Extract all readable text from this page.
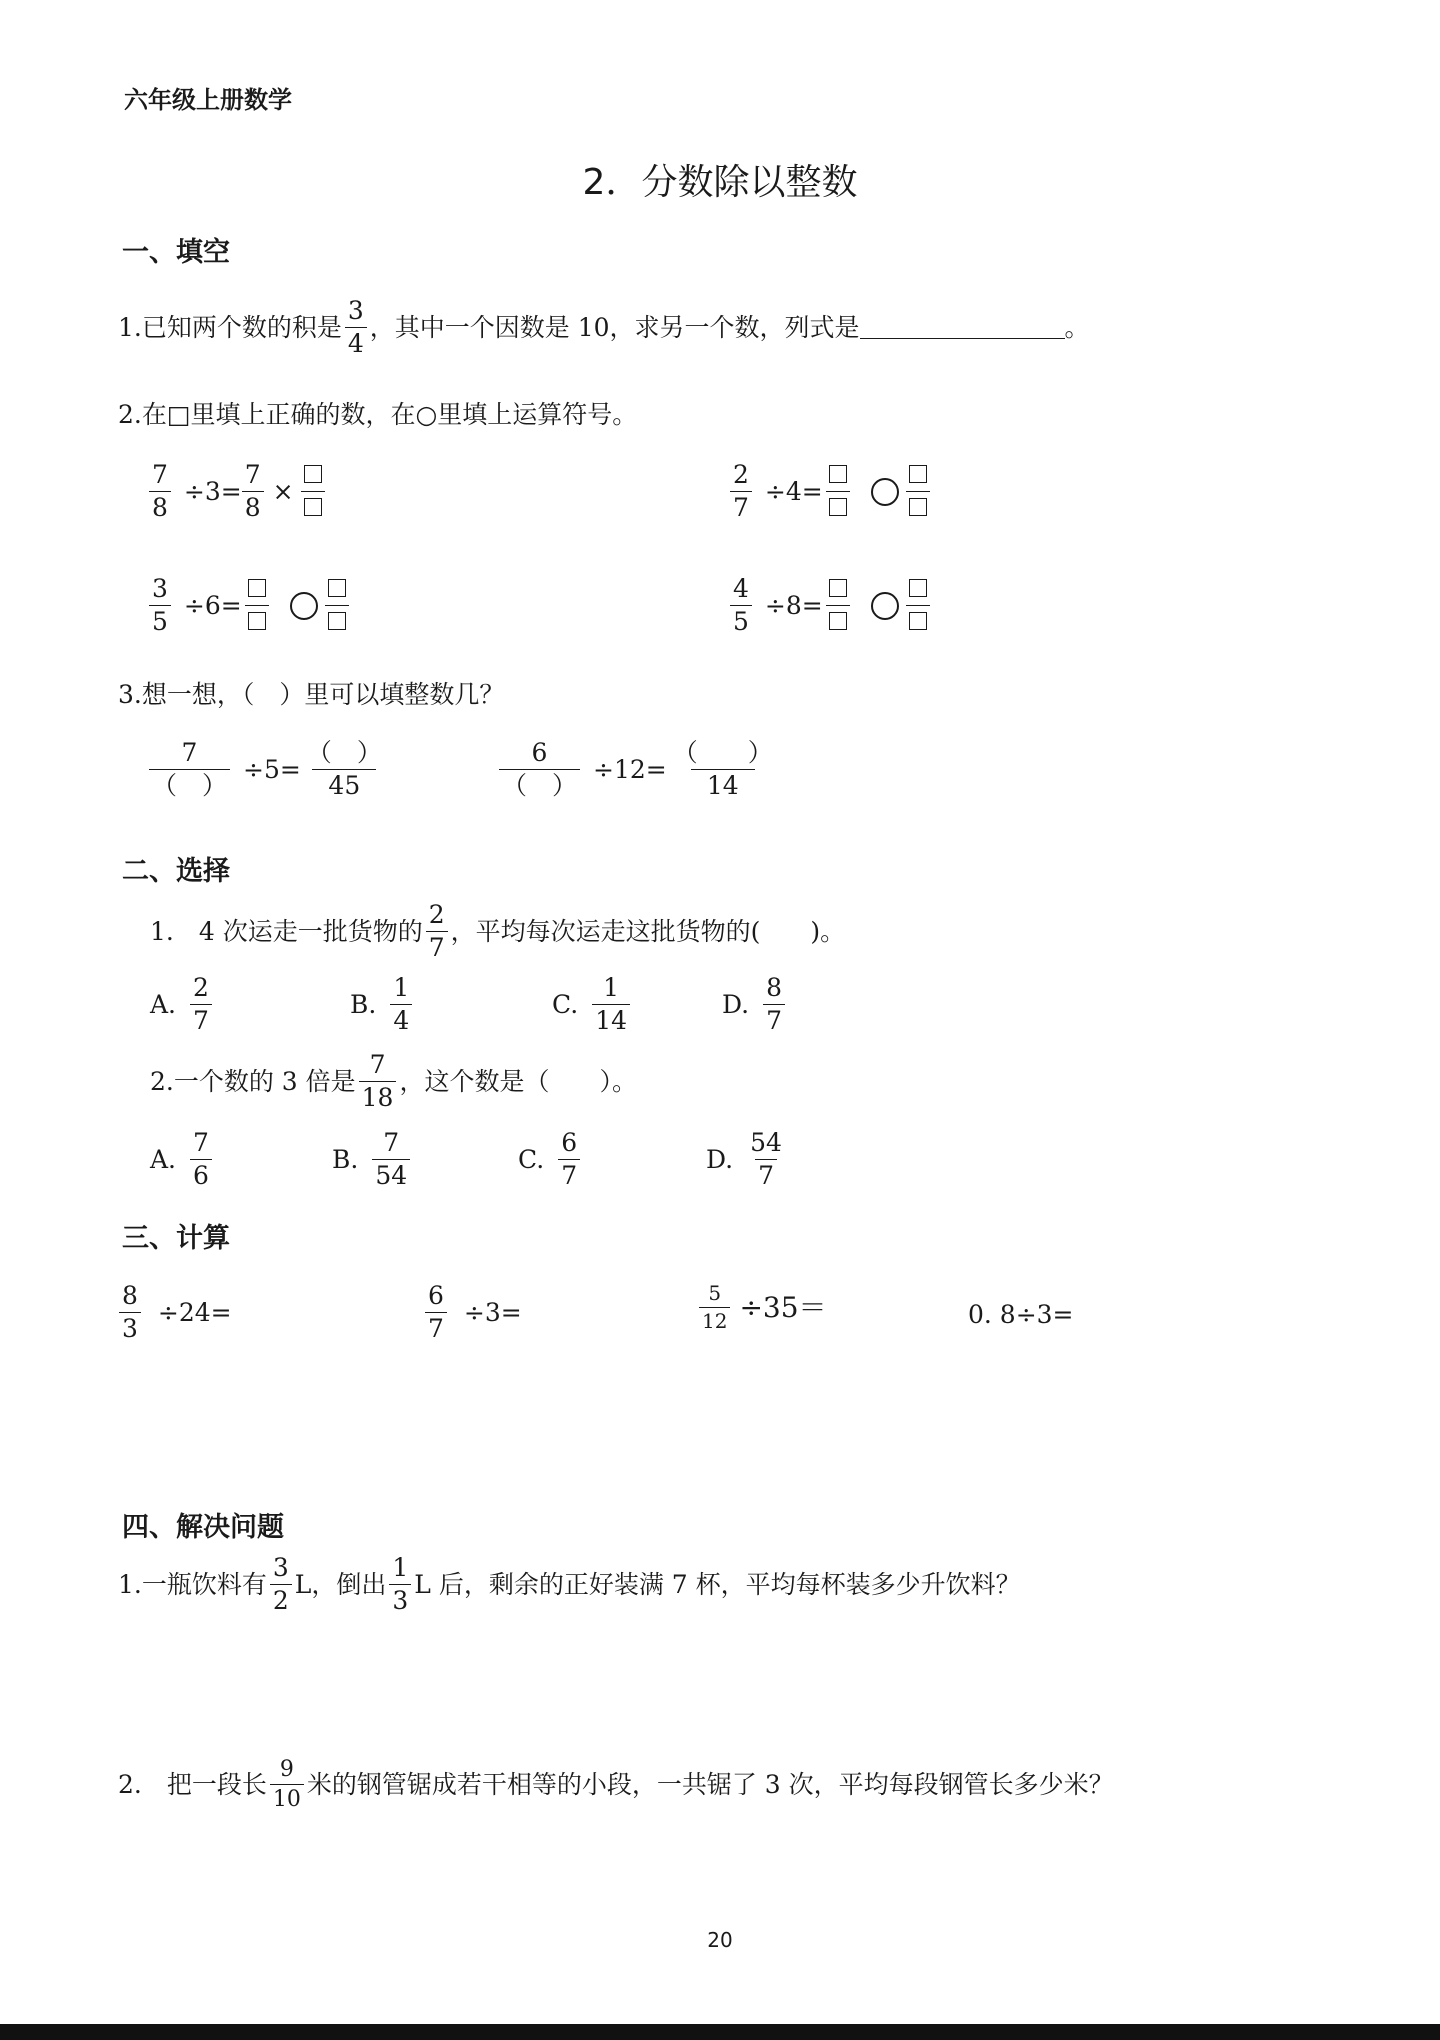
六年级上册数学
2．分数除以整数
一、填空
1.已知两个数的积是 $\frac{3}{4}$ ，其中一个因数是 10，求另一个数，列式是	。
2.在□里填上正确的数，在○里填上运算符号。
$\frac{7}{8} \div 3= \frac{7}{8}$ ×	$\frac{2}{7} \div 4=$
$\frac{3}{5} \div 6=$	$\frac{4}{5} \div 8=$
3.想一想，（　）里可以填整数几？
$\frac{7}{( )} \div 5= \frac{( )}{45}$	$\frac{6}{( )} \div 12= \frac{( )}{14}$
二、选择
1.　4 次运走一批货物的 $\frac{2}{7}$ ，平均每次运走这批货物的(　　)。
A. $\frac{2}{7}$	B. $\frac{1}{4}$	C. $\frac{1}{14}$	D. $\frac{8}{7}$
2.一个数的 3 倍是 $\frac{7}{18}$ ，这个数是（　　）。
A. $\frac{7}{6}$	B. $\frac{7}{54}$	C. $\frac{6}{7}$	D. $\frac{54}{7}$
三、计算
$\frac{8}{3} \div 24=$	$\frac{6}{7} \div 3=$	$\frac{5}{12} \div 35=$	0. 8÷3=
四、解决问题
1.一瓶饮料有 $\frac{3}{2}$ L，倒出 $\frac{1}{3}$ L 后，剩余的正好装满 7 杯，平均每杯装多少升饮料？
2.　把一段长 $\frac{9}{10}$ 米的钢管锯成若干相等的小段，一共锯了 3 次，平均每段钢管长多少米？
20
